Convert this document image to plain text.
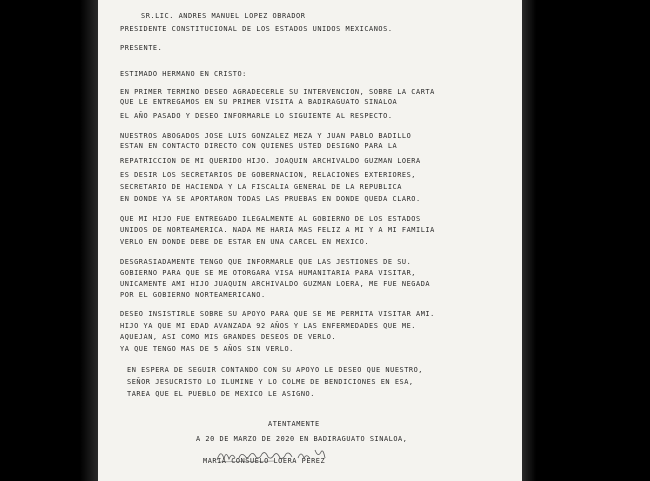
SR.LIC. ANDRES MANUEL LOPEZ OBRADOR
PRESIDENTE CONSTITUCIONAL DE LOS ESTADOS UNIDOS MEXICANOS.
PRESENTE.
ESTIMADO HERMANO EN CRISTO:
EN PRIMER TERMINO DESEO AGRADECERLE SU INTERVENCION, SOBRE LA CARTA
QUE LE ENTREGAMOS EN SU PRIMER VISITA A BADIRAGUATO SINALOA
EL AÑO PASADO Y DESEO INFORMARLE LO SIGUIENTE AL RESPECTO.
NUESTROS ABOGADOS JOSE LUIS GONZALEZ MEZA Y JUAN PABLO BADILLO
ESTAN EN CONTACTO DIRECTO CON QUIENES USTED DESIGNO PARA LA
REPATRICCION DE MI QUERIDO HIJO. JOAQUIN ARCHIVALDO GUZMAN LOERA
ES DESIR LOS SECRETARIOS DE GOBERNACION, RELACIONES EXTERIORES,
SECRETARIO DE HACIENDA Y LA FISCALIA GENERAL DE LA REPUBLICA
EN DONDE YA SE APORTARON TODAS LAS PRUEBAS EN DONDE QUEDA CLARO.
QUE MI HIJO FUE ENTREGADO ILEGALMENTE AL GOBIERNO DE LOS ESTADOS
UNIDOS DE NORTEAMERICA. NADA ME HARIA MAS FELIZ A MI Y A MI FAMILIA
VERLO EN DONDE DEBE DE ESTAR EN UNA CARCEL EN MEXICO.
DESGRASIADAMENTE TENGO QUE INFORMARLE QUE LAS JESTIONES DE SU.
GOBIERNO PARA QUE SE ME OTORGARA VISA HUMANITARIA PARA VISITAR,
UNICAMENTE AMI HIJO JUAQUIN ARCHIVALDO GUZMAN LOERA, ME FUE NEGADA
POR EL GOBIERNO NORTEAMERICANO.
DESEO INSISTIRLE SOBRE SU APOYO PARA QUE SE ME PERMITA VISITAR AMI.
HIJO YA QUE MI EDAD AVANZADA 92 AÑOS Y LAS ENFERMEDADES QUE ME.
AQUEJAN, ASI COMO MIS GRANDES DESEOS DE VERLO.
YA QUE TENGO MAS DE 5 AÑOS SIN VERLO.
EN ESPERA DE SEGUIR CONTANDO CON SU APOYO LE DESEO QUE NUESTRO,
SEÑOR JESUCRISTO LO ILUMINE Y LO COLME DE BENDICIONES EN ESA,
TAREA QUE EL PUEBLO DE MEXICO LE ASIGNO.
ATENTAMENTE
A 20 DE MARZO DE 2020 EN BADIRAGUATO SINALOA,
MARIA CONSUELO LOERA PEREZ
